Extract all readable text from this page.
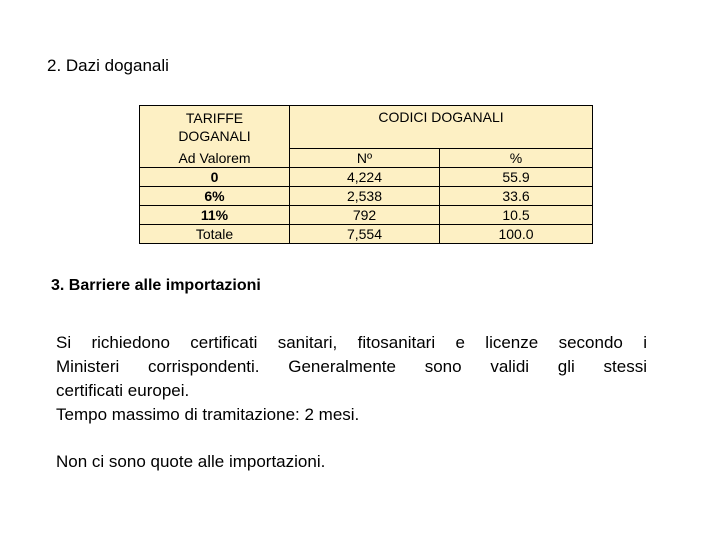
2. Dazi doganali
TARIFFE
DOGANALI	CODICI DOGANALI	
Ad Valorem	Nº	%
0	4,224	55.9
6%	2,538	33.6
11%	792	10.5
Totale	7,554	100.0
3. Barriere alle importazioni

Si richiedono certificati sanitari, fitosanitari e licenze secondo i

Ministeri corrispondenti. Generalmente sono validi gli stessi

certificati europei.

Tempo massimo di tramitazione: 2 mesi.

Non ci sono quote alle importazioni.
